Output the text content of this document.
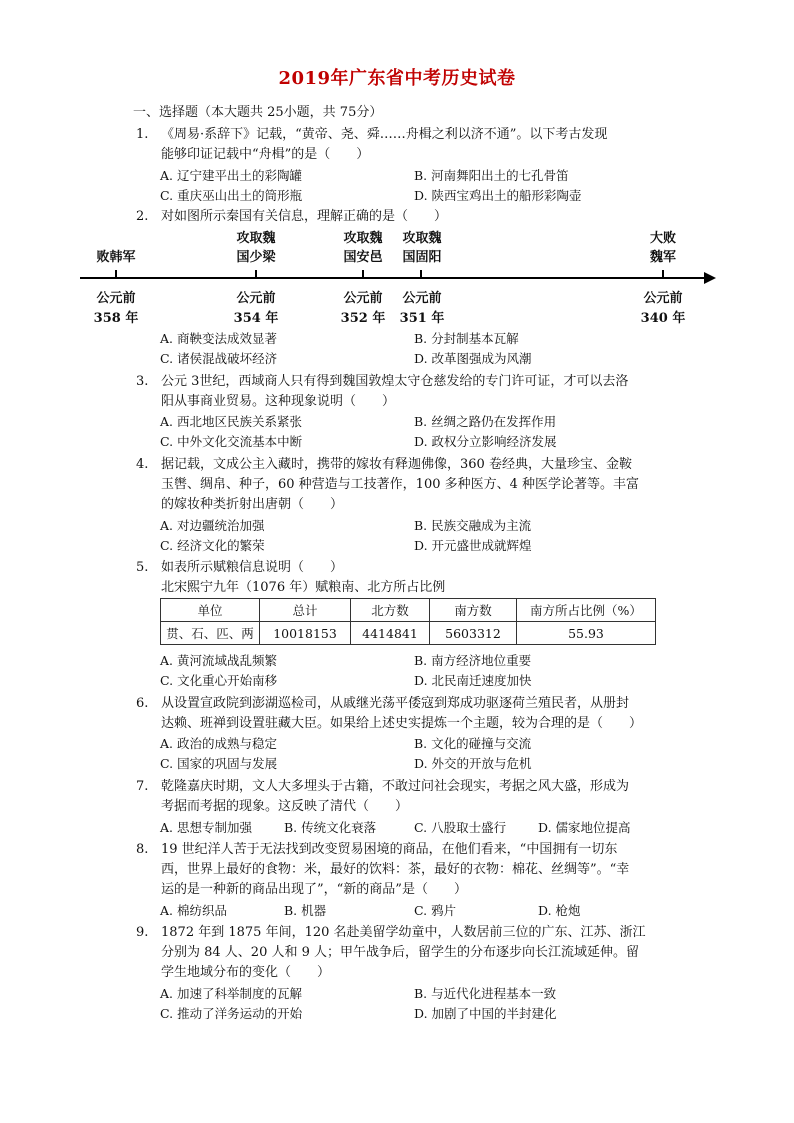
2019年广东省中考历史试卷
一、选择题（本大题共 25小题，共 75分）
1. 《周易·系辞下》记载，“黄帝、尧、舜……舟楫之利以济不通”。以下考古发现
能够印证记载中“舟楫”的是（　　）
A. 辽宁建平出土的彩陶罐	B. 河南舞阳出土的七孔骨笛
C. 重庆巫山出土的筒形瓶	D. 陕西宝鸡出土的船形彩陶壶
2. 对如图所示秦国有关信息，理解正确的是（　　）
败韩军
攻取魏
国少梁
攻取魏
国安邑
攻取魏
国固阳
大败
魏军
公元前
358 年
公元前
354 年
公元前
352 年
公元前
351 年
公元前
340 年
A. 商鞅变法成效显著	B. 分封制基本瓦解
C. 诸侯混战破坏经济	D. 改革图强成为风潮
3. 公元 3世纪，西域商人只有得到魏国敦煌太守仓慈发给的专门许可证，才可以去洛
阳从事商业贸易。这种现象说明（　　）
A. 西北地区民族关系紧张	B. 丝绸之路仍在发挥作用
C. 中外文化交流基本中断	D. 政权分立影响经济发展
4. 据记载，文成公主入藏时，携带的嫁妆有释迦佛像，360 卷经典，大量珍宝、金鞍
玉辔、绸帛、种子，60 种营造与工技著作，100 多种医方、4 种医学论著等。丰富
的嫁妆种类折射出唐朝（　　）
A. 对边疆统治加强	B. 民族交融成为主流
C. 经济文化的繁荣	D. 开元盛世成就辉煌
5. 如表所示赋粮信息说明（　　）
北宋熙宁九年（1076 年）赋粮南、北方所占比例
单位	总计	北方数	南方数	南方所占比例（%）
贯、石、匹、两	10018153	4414841	5603312	55.93
A. 黄河流域战乱频繁	B. 南方经济地位重要
C. 文化重心开始南移	D. 北民南迁速度加快
6. 从设置宣政院到澎湖巡检司，从戚继光荡平倭寇到郑成功驱逐荷兰殖民者，从册封
达赖、班禅到设置驻藏大臣。如果给上述史实提炼一个主题，较为合理的是（　　）
A. 政治的成熟与稳定	B. 文化的碰撞与交流
C. 国家的巩固与发展	D. 外交的开放与危机
7. 乾隆嘉庆时期，文人大多埋头于古籍，不敢过问社会现实，考据之风大盛，形成为
考据而考据的现象。这反映了清代（　　）
A. 思想专制加强	B. 传统文化衰落	C. 八股取士盛行	D. 儒家地位提高
8. 19 世纪洋人苦于无法找到改变贸易困境的商品，在他们看来，“中国拥有一切东
西，世界上最好的食物：米，最好的饮料：茶，最好的衣物：棉花、丝绸等”。“幸
运的是一种新的商品出现了”，“新的商品”是（　　）
A. 棉纺织品	B. 机器	C. 鸦片	D. 枪炮
9. 1872 年到 1875 年间，120 名赴美留学幼童中，人数居前三位的广东、江苏、浙江
分别为 84 人、20 人和 9 人；甲午战争后，留学生的分布逐步向长江流域延伸。留
学生地域分布的变化（　　）
A. 加速了科举制度的瓦解	B. 与近代化进程基本一致
C. 推动了洋务运动的开始	D. 加剧了中国的半封建化
